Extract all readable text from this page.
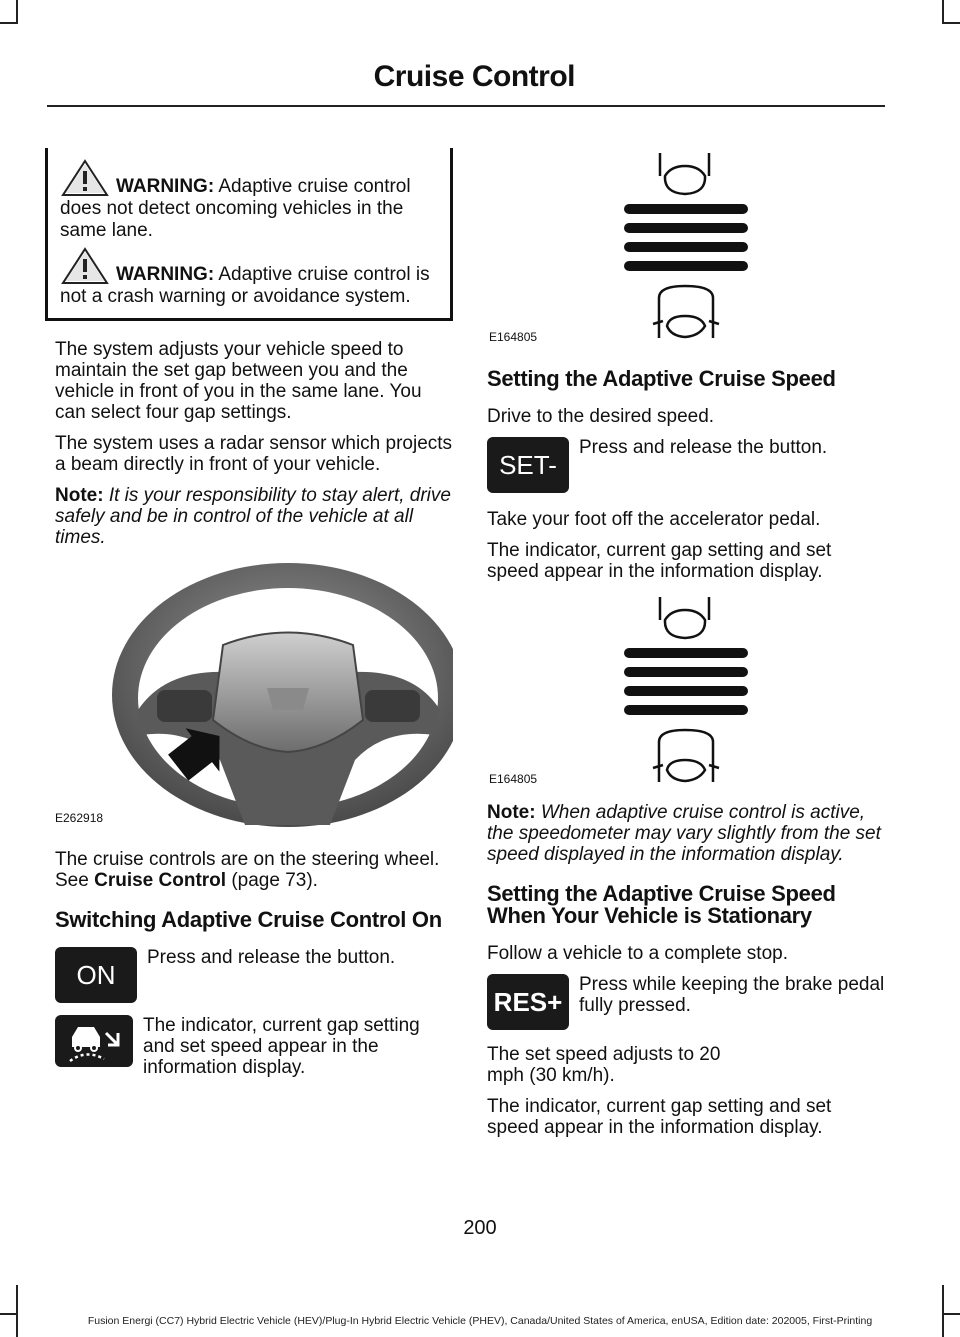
Cruise Control
WARNING: Adaptive cruise control does not detect oncoming vehicles in the same lane.
WARNING: Adaptive cruise control is not a crash warning or avoidance system.

The system adjusts your vehicle speed to maintain the set gap between you and the vehicle in front of you in the same lane. You can select four gap settings.

The system uses a radar sensor which projects a beam directly in front of your vehicle.

Note: It is your responsibility to stay alert, drive safely and be in control of the vehicle at all times.

E262918

The cruise controls are on the steering wheel. See Cruise Control (page 73).

Switching Adaptive Cruise Control On
ON

Press and release the button.

The indicator, current gap setting and set speed appear in the information display.

E164805
Setting the Adaptive Cruise Speed

Drive to the desired speed.

SET-

Press and release the button.

Take your foot off the accelerator pedal.

The indicator, current gap setting and set speed appear in the information display.

E164805

Note: When adaptive cruise control is active, the speedometer may vary slightly from the set speed displayed in the information display.

Setting the Adaptive Cruise Speed When Your Vehicle is Stationary

Follow a vehicle to a complete stop.

RES+

Press while keeping the brake pedal fully pressed.

The set speed adjusts to 20 mph (30 km/h).

The indicator, current gap setting and set speed appear in the information display.

200
Fusion Energi (CC7) Hybrid Electric Vehicle (HEV)/Plug-In Hybrid Electric Vehicle (PHEV), Canada/United States of America, enUSA, Edition date: 202005, First-Printing
